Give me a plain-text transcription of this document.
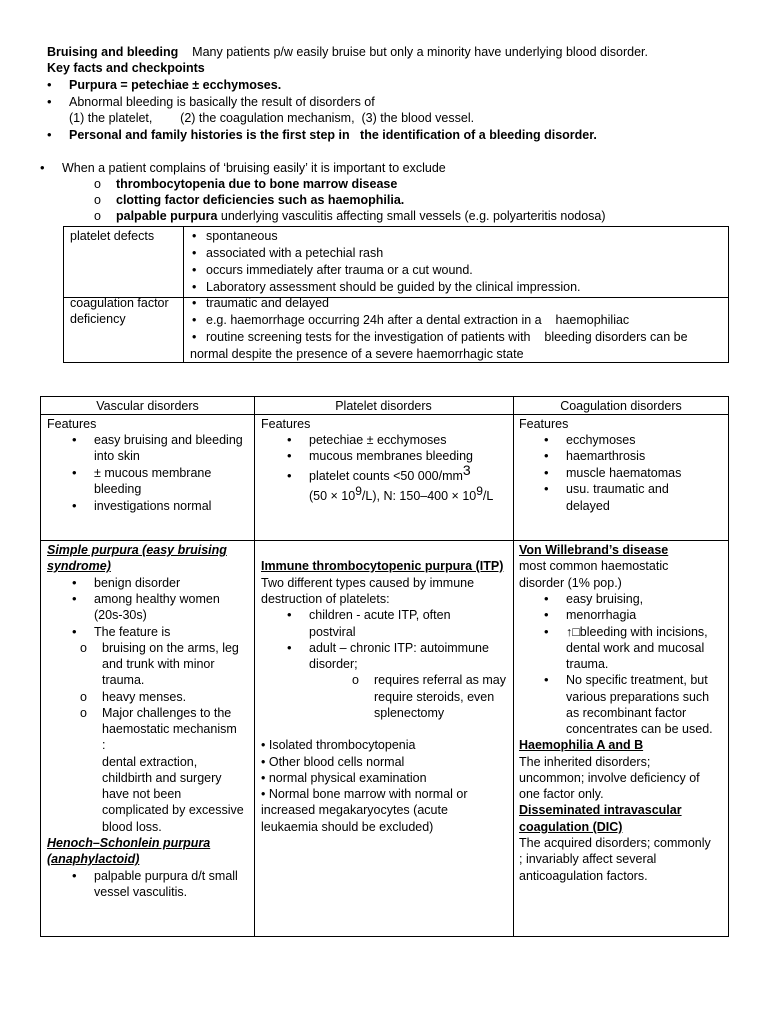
Bruising and bleeding Many patients p/w easily bruise but only a minority have underlying blood disorder.
Key facts and checkpoints
• Purpura = petechiae ± ecchymoses.
• Abnormal bleeding is basically the result of disorders of
(1) the platelet,        (2) the coagulation mechanism,  (3) the blood vessel.
• Personal and family histories is the first step in   the identification of a bleeding disorder.
• When a patient complains of ‘bruising easily’ it is important to exclude
o thrombocytopenia due to bone marrow disease
o clotting factor deficiencies such as haemophilia.
o palpable purpura underlying vasculitis affecting small vessels (e.g. polyarteritis nodosa)
platelet defects
•	spontaneous
• associated with a petechial rash
• occurs immediately after trauma or a cut wound.
• Laboratory assessment should be guided by the clinical impression.
coagulation factor
deficiency
• traumatic and delayed
• e.g. haemorrhage occurring 24h after a dental extraction in a    haemophiliac
• routine screening tests for the investigation of patients with    bleeding disorders can be
normal despite the presence of a severe haemorrhagic state
Vascular disorders	Platelet disorders	Coagulation disorders
Features
• easy bruising and bleeding
into skin
• ± mucous membrane
bleeding
• investigations normal
Features
• petechiae ± ecchymoses
• mucous membranes bleeding
• platelet counts <50 $000/mm^3$
$(50 \times 10^9/L)$, N: $150-400 \times 10^9/L$
Features
• ecchymoses
• haemarthrosis
• muscle haematomas
• usu. traumatic and
delayed
Simple purpura (easy bruising
syndrome)
• benign disorder
• among healthy women
(20s-30s)
• The feature is
o bruising on the arms, leg
and trunk with minor
trauma.
o heavy menses.
o Major challenges to the
haemostatic mechanism
:
dental extraction,
childbirth and surgery
have not been
complicated by excessive
blood loss.
Henoch–Schonlein purpura
(anaphylactoid)
• palpable purpura d/t small
vessel vasculitis.
Immune thrombocytopenic purpura (ITP)
Two different types caused by immune
destruction of platelets:
• children - acute ITP, often
postviral
• adult – chronic ITP: autoimmune
disorder;
o requires referral as may
require steroids, even
splenectomy
• Isolated thrombocytopenia
• Other blood cells normal
• normal physical examination
• Normal bone marrow with normal or
increased megakaryocytes (acute
leukaemia should be excluded)
Von Willebrand’s disease
most common haemostatic
disorder (1% pop.)
• easy bruising,
• menorrhagia
• ↑□bleeding with incisions,
dental work and mucosal
trauma.
• No specific treatment, but
various preparations such
as recombinant factor
concentrates can be used.
Haemophilia A and B
The inherited disorders;
uncommon; involve deficiency of
one factor only.
Disseminated intravascular
coagulation (DIC)
The acquired disorders; commonly
; invariably affect several
anticoagulation factors.
